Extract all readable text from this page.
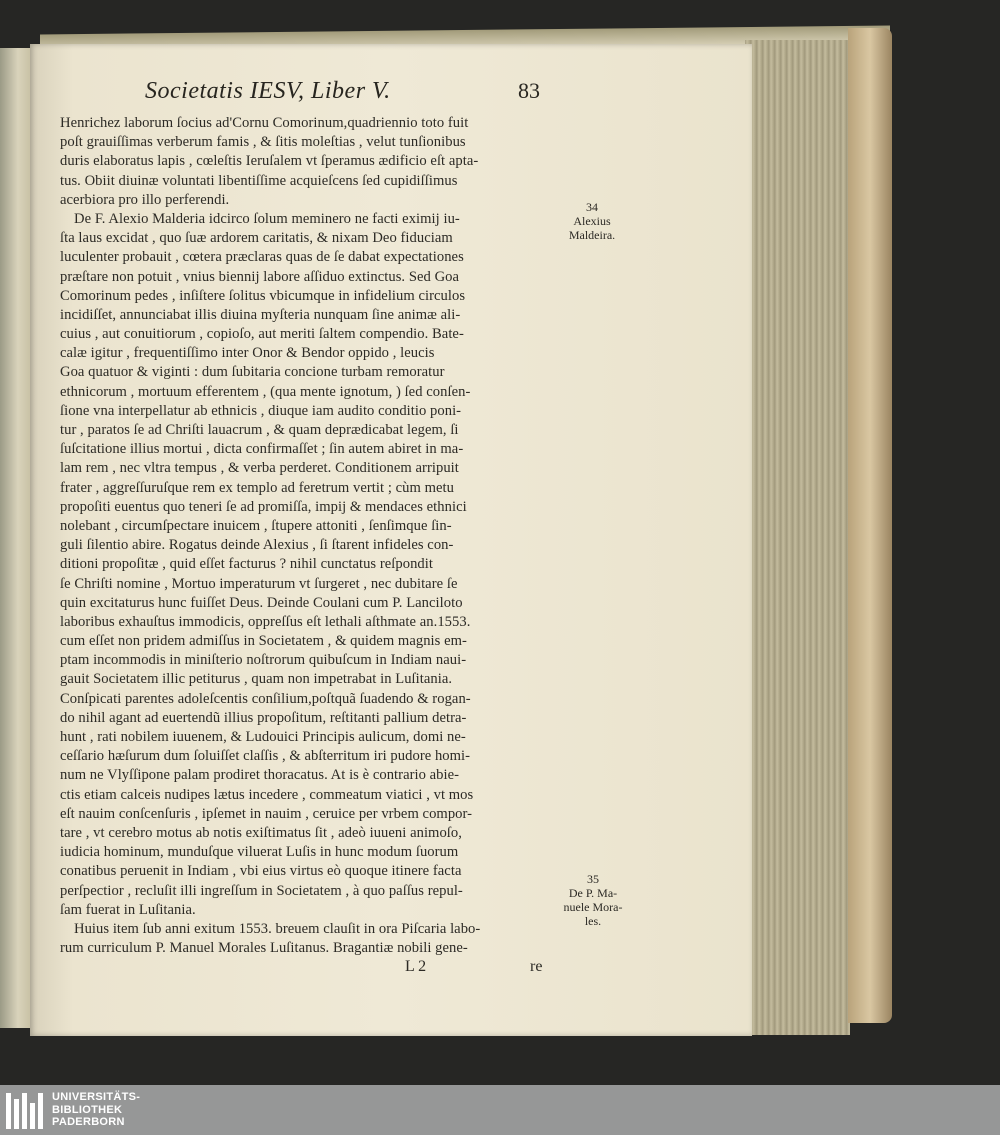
Societatis IESV, Liber V.	83
Henrichez laborum ſocius ad'Cornu Comorinum,quadriennio toto fuit
poſt grauiſſimas verberum famis , & ſitis moleſtias , velut tunſionibus
duris elaboratus lapis , cœleſtis Ieruſalem vt ſperamus ædificio eſt apta-
tus. Obiit diuinæ voluntati libentiſſime acquieſcens ſed cupidiſſimus
acerbiora pro illo perferendi.
De F. Alexio Malderia idcirco ſolum meminero ne facti eximij iu-
ſta laus excidat , quo ſuæ ardorem caritatis, & nixam Deo fiduciam
luculenter probauit , cœtera præclaras quas de ſe dabat expectationes
præſtare non potuit , vnius biennij labore aſſiduo extinctus. Sed Goa
Comorinum pedes , inſiſtere ſolitus vbicumque in infidelium circulos
incidiſſet, annunciabat illis diuina myſteria nunquam ſine animæ ali-
cuius , aut conuitiorum , copioſo, aut meriti ſaltem compendio. Bate-
calæ igitur , frequentiſſimo inter Onor & Bendor oppido , leucis
Goa quatuor & viginti : dum ſubitaria concione turbam remoratur
ethnicorum , mortuum efferentem , (qua mente ignotum, ) ſed conſen-
ſione vna interpellatur ab ethnicis , diuque iam audito conditio poni-
tur , paratos ſe ad Chriſti lauacrum , & quam deprædicabat legem, ſi
ſuſcitatione illius mortui , dicta confirmaſſet ; ſin autem abiret in ma-
lam rem , nec vltra tempus , & verba perderet. Conditionem arripuit
frater , aggreſſuruſque rem ex templo ad feretrum vertit ; cùm metu
propoſiti euentus quo teneri ſe ad promiſſa, impij & mendaces ethnici
nolebant , circumſpectare inuicem , ſtupere attoniti , ſenſimque ſin-
guli ſilentio abire. Rogatus deinde Alexius , ſi ſtarent infideles con-
ditioni propoſitæ , quid eſſet facturus ? nihil cunctatus reſpondit
ſe Chriſti nomine , Mortuo imperaturum vt ſurgeret , nec dubitare ſe
quin excitaturus hunc fuiſſet Deus. Deinde Coulani cum P. Lanciloto
laboribus exhauſtus immodicis, oppreſſus eſt lethali aſthmate an.1553.
cum eſſet non pridem admiſſus in Societatem , & quidem magnis em-
ptam incommodis in miniſterio noſtrorum quibuſcum in Indiam naui-
gauit Societatem illic petiturus , quam non impetrabat in Luſitania.
Conſpicati parentes adoleſcentis conſilium,poſtquã ſuadendo & rogan-
do nihil agant ad euertendũ illius propoſitum, reſtitanti pallium detra-
hunt , rati nobilem iuuenem, & Ludouici Principis aulicum, domi ne-
ceſſario hæſurum dum ſoluiſſet claſſis , & abſterritum iri pudore homi-
num ne Vlyſſipone palam prodiret thoracatus. At is è contrario abie-
ctis etiam calceis nudipes lætus incedere , commeatum viatici , vt mos
eſt nauim conſcenſuris , ipſemet in nauim , ceruice per vrbem compor-
tare , vt cerebro motus ab notis exiſtimatus ſit , adeò iuueni animoſo,
iudicia hominum, munduſque viluerat Luſis in hunc modum ſuorum
conatibus peruenit in Indiam , vbi eius virtus eò quoque itinere facta
perſpectior , recluſit illi ingreſſum in Societatem , à quo paſſus repul-
ſam fuerat in Luſitania.
Huius item ſub anni exitum 1553. breuem clauſit in ora Piſcaria labo-
rum curriculum P. Manuel Morales Luſitanus. Bragantiæ nobili gene-
L 2	re
34
Alexius
Maldeira.
35
De P. Ma-
nuele Mora-
les.
UNIVERSITÄTS-
BIBLIOTHEK
PADERBORN
